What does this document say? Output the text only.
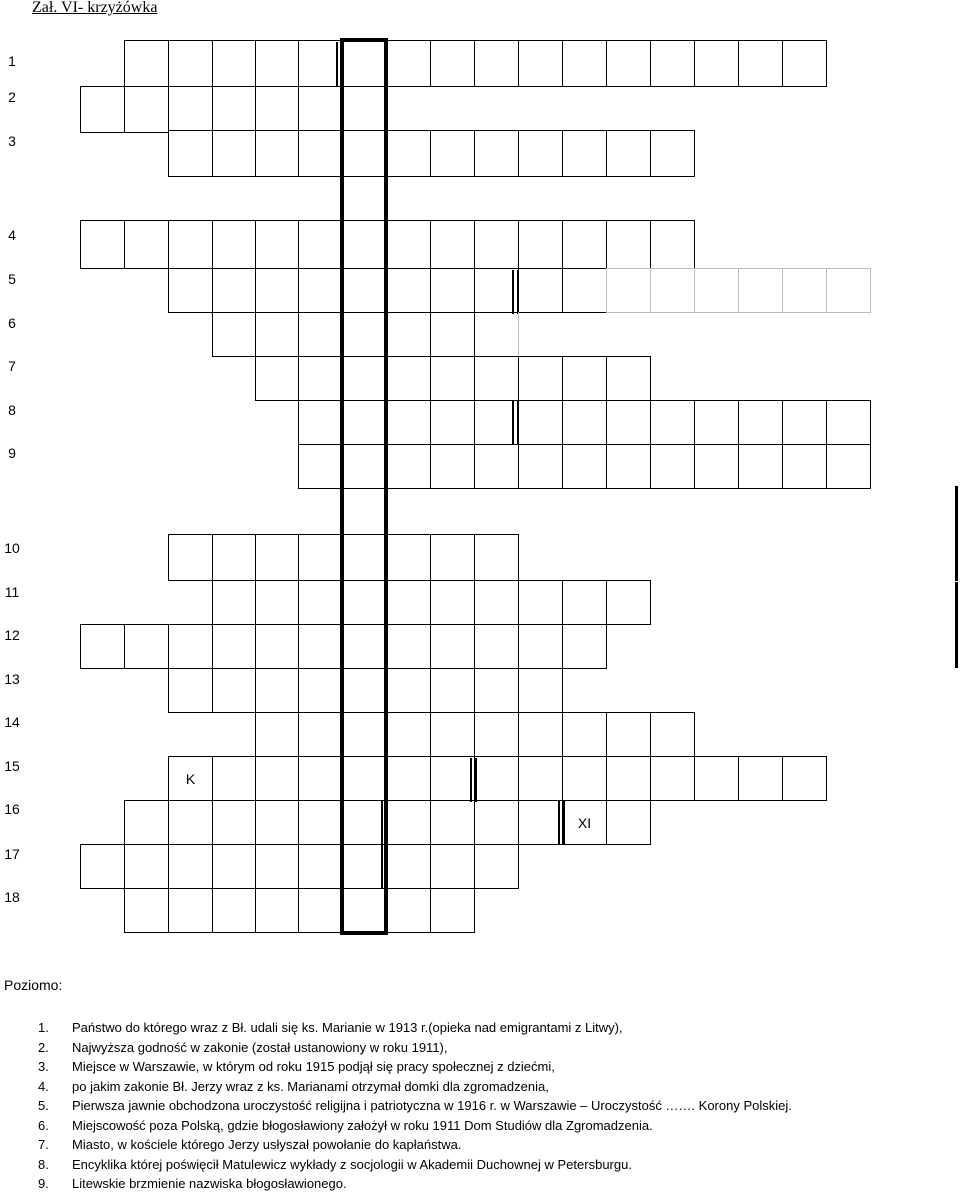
Zał. VI- krzyżówka
1
2
3
4
5
6
7
8
9
10
11
12
13
14
15
K
16
XI
17
18
Poziomo:
1. Państwo do którego wraz z Bł. udali się ks. Marianie w 1913 r.(opieka nad emigrantami z Litwy),
2. Najwyższa godność w zakonie (został ustanowiony w roku 1911),
3. Miejsce w Warszawie, w którym od roku 1915 podjął się pracy społecznej z dziećmi,
4. po jakim zakonie Bł. Jerzy wraz z ks. Marianami otrzymał domki dla zgromadzenia,
5. Pierwsza jawnie obchodzona uroczystość religijna i patriotyczna w 1916 r. w Warszawie – Uroczystość ……. Korony Polskiej.
6. Miejscowość poza Polską, gdzie błogosławiony założył w roku 1911 Dom Studiów dla Zgromadzenia.
7. Miasto, w kościele którego Jerzy usłyszał powołanie do kapłaństwa.
8. Encyklika której poświęcił Matulewicz wykłady z socjologii w Akademii Duchownej w Petersburgu.
9. Litewskie brzmienie nazwiska błogosławionego.
